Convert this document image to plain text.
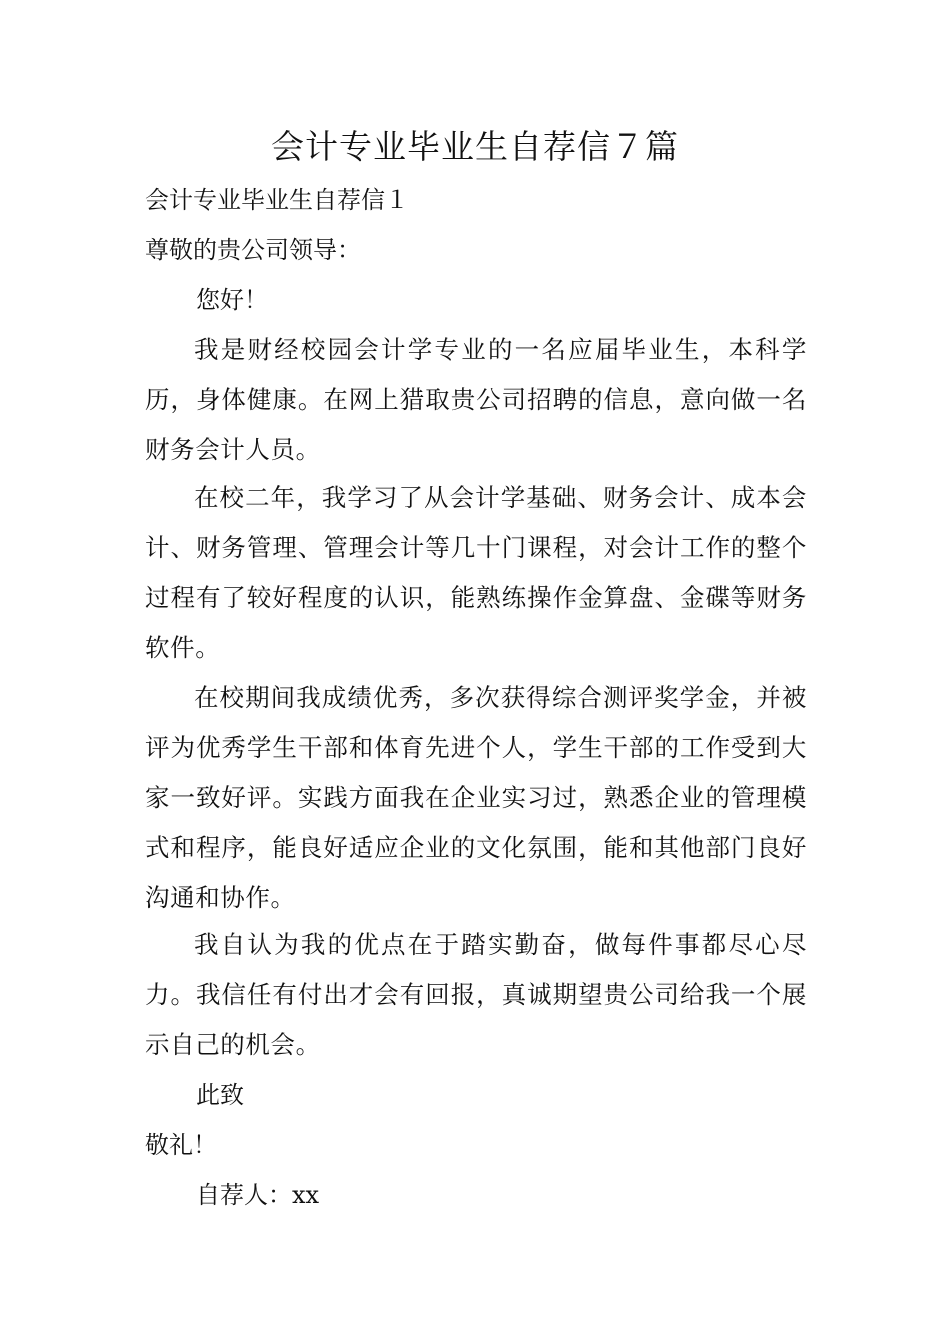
会计专业毕业生自荐信７篇

会计专业毕业生自荐信１

尊敬的贵公司领导：

您好！

我是财经校园会计学专业的一名应届毕业生，本科学历，身体健康。在网上猎取贵公司招聘的信息，意向做一名财务会计人员。

在校二年，我学习了从会计学基础、财务会计、成本会计、财务管理、管理会计等几十门课程，对会计工作的整个过程有了较好程度的认识，能熟练操作金算盘、金碟等财务软件。

在校期间我成绩优秀，多次获得综合测评奖学金，并被评为优秀学生干部和体育先进个人，学生干部的工作受到大家一致好评。实践方面我在企业实习过，熟悉企业的管理模式和程序，能良好适应企业的文化氛围，能和其他部门良好沟通和协作。

我自认为我的优点在于踏实勤奋，做每件事都尽心尽力。我信任有付出才会有回报，真诚期望贵公司给我一个展示自己的机会。

此致

敬礼！

自荐人：xx
